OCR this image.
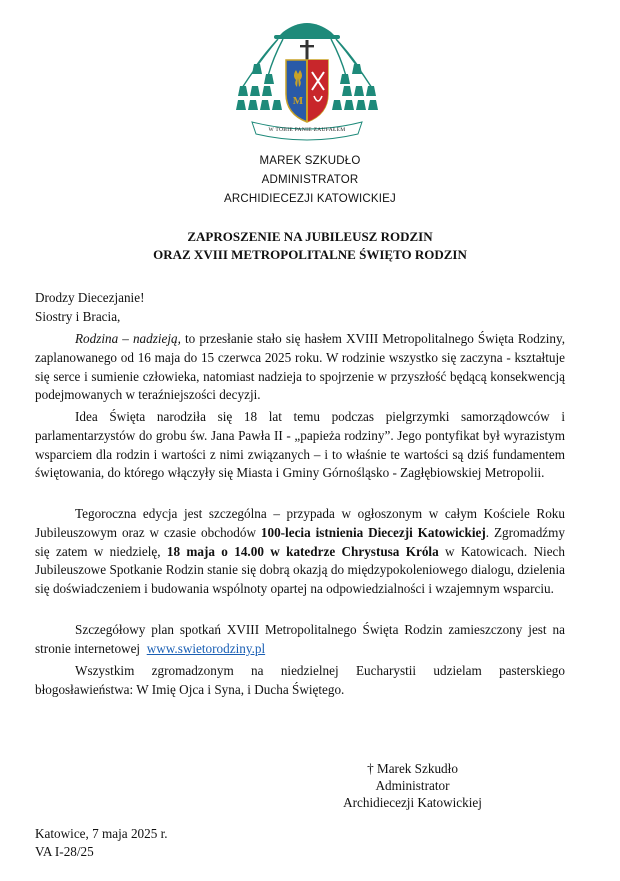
M
W TOBIE PANIE ZAUFAŁEM
MAREK SZKUDŁO
ADMINISTRATOR
ARCHIDIECEZJI KATOWICKIEJ
ZAPROSZENIE NA JUBILEUSZ RODZIN
ORAZ XVIII METROPOLITALNE ŚWIĘTO RODZIN

Drodzy Diecezjanie!

Siostry i Bracia,

Rodzina – nadzieją, to przesłanie stało się hasłem XVIII Metropolitalnego Święta Rodziny, zaplanowanego od 16 maja do 15 czerwca 2025 roku. W rodzinie wszystko się zaczyna - kształtuje się serce i sumienie człowieka, natomiast nadzieja to spojrzenie w przyszłość będącą konsekwencją podejmowanych w teraźniejszości decyzji.

Idea Święta narodziła się 18 lat temu podczas pielgrzymki samorządowców i parlamentarzystów do grobu św. Jana Pawła II - „papieża rodziny”. Jego pontyfikat był wyrazistym wsparciem dla rodzin i wartości z nimi związanych – i to właśnie te wartości są dziś fundamentem świętowania, do którego włączyły się Miasta i Gminy Górnośląsko - Zagłębiowskiej Metropolii.

Tegoroczna edycja jest szczególna – przypada w ogłoszonym w całym Kościele Roku Jubileuszowym oraz w czasie obchodów 100-lecia istnienia Diecezji Katowickiej. Zgromadźmy się zatem w niedzielę, 18 maja o 14.00 w katedrze Chrystusa Króla w Katowicach. Niech Jubileuszowe Spotkanie Rodzin stanie się dobrą okazją do międzypokoleniowego dialogu, dzielenia się doświadczeniem i budowania wspólnoty opartej na odpowiedzialności i wzajemnym wsparciu.

Szczegółowy plan spotkań XVIII Metropolitalnego Święta Rodzin zamieszczony jest na stronie internetowej  www.swietorodziny.pl

Wszystkim zgromadzonym na niedzielnej Eucharystii udzielam pasterskiego błogosławieństwa: W Imię Ojca i Syna, i Ducha Świętego.

† Marek Szkudło
Administrator
Archidiecezji Katowickiej
Katowice, 7 maja 2025 r.
VA I-28/25
